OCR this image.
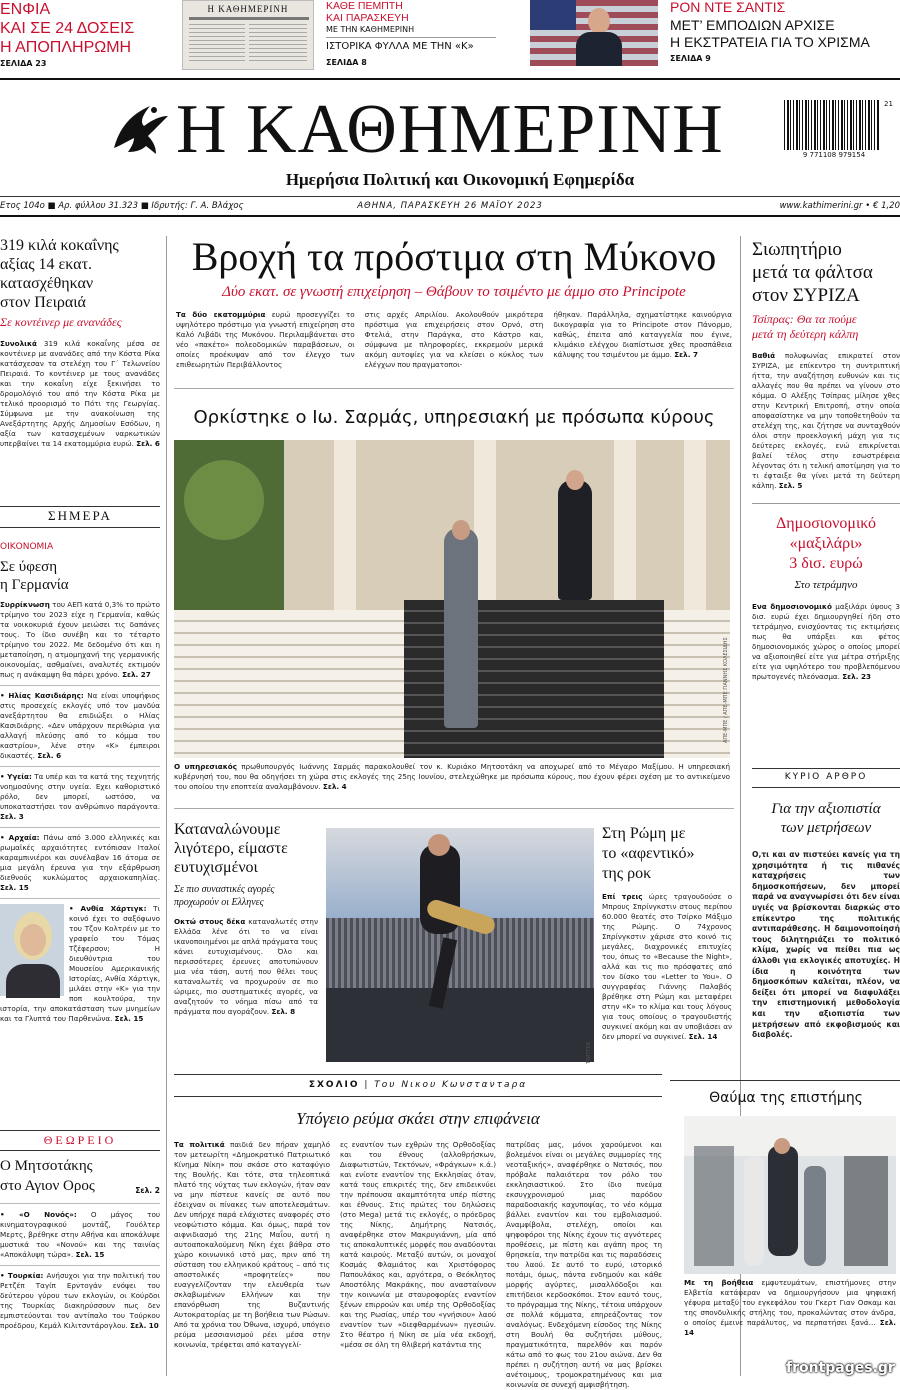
ΕΝΦΙΑ
ΚΑΙ ΣΕ 24 ΔΟΣΕΙΣ
Η ΑΠΟΠΛΗΡΩΜΗ
ΣΕΛΙΔΑ 23
Η ΚΑΘΗΜΕΡΙΝΗ	ΚΑΘΕ ΠΕΜΠΤΗ
ΚΑΙ ΠΑΡΑΣΚΕΥΗ
ΜΕ ΤΗΝ ΚΑΘΗΜΕΡΙΝΗ
ΙΣΤΟΡΙΚΑ ΦΥΛΛΑ ΜΕ ΤΗΝ «Κ»
ΣΕΛΙΔΑ 8
ΡΟΝ ΝΤΕ ΣΑΝΤΙΣ
ΜΕΤ’ ΕΜΠΟΔΙΩΝ ΑΡΧΙΣΕ
Η ΕΚΣΤΡΑΤΕΙΑ ΓΙΑ ΤΟ ΧΡΙΣΜΑ
ΣΕΛΙΔΑ 9
Η ΚΑΘΗΜΕΡΙΝΗ
Ημερήσια Πολιτική και Οικονομική Εφημερίδα
21
9 771108 979154
Ετος 104ο ■ Αρ. φύλλου 31.323 ■ Ιδρυτής: Γ. Α. Βλάχος	ΑΘΗΝΑ, ΠΑΡΑΣΚΕΥΗ 26 ΜΑΪΟΥ 2023	www.kathimerini.gr • € 1,20
319 κιλά κοκαΐνης
αξίας 14 εκατ.
κατασχέθηκαν
στον Πειραιά
Σε κοντέινερ με ανανάδες
Συνολικά 319 κιλά κοκαΐνης μέσα σε κοντέινερ με ανανάδες από την Κόστα Ρίκα κατάσχεσαν τα στελέχη του Γ΄ Τελωνείου Πειραιά. Το κοντέινερ με τους ανανάδες και την κοκαΐνη είχε ξεκινήσει το δρομολόγιό του από την Κόστα Ρίκα με τελικό προορισμό το Πότι της Γεωργίας. Σύμφωνα με την ανακοίνωση της Ανεξάρτητης Αρχής Δημοσίων Εσόδων, η αξία των κατασχεμένων ναρκωτικών υπερβαίνει τα 14 εκατομμύρια ευρώ. Σελ. 6
ΣΗΜΕΡΑ
ΟΙΚΟΝΟΜΙΑ
Σε ύφεση
η Γερμανία
Συρρίκνωση του ΑΕΠ κατά 0,3% το πρώτο τρίμηνο του 2023 είχε η Γερμανία, καθώς τα νοικοκυριά έχουν μειώσει τις δαπάνες τους. Το ίδιο συνέβη και το τέταρτο τρίμηνο του 2022. Με δεδομένο ότι και η μεταποίηση, η ατμομηχανή της γερμανικής οικονομίας, ασθμαίνει, αναλυτές εκτιμούν πως η ανάκαμψη θα πάρει χρόνο. Σελ. 27
• Ηλίας Κασιδιάρης: Να είναι υποψήφιος στις προσεχείς εκλογές υπό τον μανδύα ανεξάρτητου θα επιδιώξει ο Ηλίας Κασιδιάρης. «Δεν υπάρχουν περιθώρια για αλλαγή πλεύσης από το κόμμα του καστρίου», λένε στην «Κ» έμπειροι δικαστές. Σελ. 6
• Υγεία: Τα υπέρ και τα κατά της τεχνητής νοημοσύνης στην υγεία. Εχει καθοριστικό ρόλο, δεν μπορεί, ωστόσο, να υποκαταστήσει τον ανθρώπινο παράγοντα. Σελ. 3
• Αρχαία: Πάνω από 3.000 ελληνικές και ρωμαϊκές αρχαιότητες εντόπισαν Ιταλοί καραμπινιέροι και συνέλαβαν 16 άτομα σε μια μεγάλη έρευνα για την εξάρθρωση διεθνούς κυκλώματος αρχαιοκαπηλίας. Σελ. 15
• Ανθία Χάρτιγκ: Τι κοινό έχει το σαξόφωνο του Τζον Κολτρέιν με το γραφείο του Τόμας Τζέφερσον; Η διευθύντρια του Μουσείου Αμερικανικής Ιστορίας, Ανθία Χάρτιγκ, μιλάει στην «Κ» για την ποπ κουλτούρα, την ιστορία, την αποκατάσταση των μνημείων και τα Γλυπτά του Παρθενώνα. Σελ. 15
ΘΕΩΡΕΙΟ
Ο Μητσοτάκης
στο Αγιον Ορος	Σελ. 2
• «Ο Νονός»: Ο μάγος του κινηματογραφικού μοντάζ, Γουόλτερ Μερτς, βρέθηκε στην Αθήνα και αποκάλυψε μυστικά του «Νονού» και της ταινίας «Αποκάλυψη τώρα». Σελ. 15
• Τουρκία: Ανήσυχοι για την πολιτική του Ρετζέπ Ταγίπ Ερντογάν ενόψει του δεύτερου γύρου των εκλογών, οι Κούρδοι της Τουρκίας διακηρύσσουν πως δεν εμπιστεύονται τον αντίπαλο του Τούρκου προέδρου, Κεμάλ Κιλιτσντάρογλου. Σελ. 10
Βροχή τα πρόστιμα στη Μύκονο
Δύο εκατ. σε γνωστή επιχείρηση – Θάβουν το τσιμέντο με άμμο στο Principote
Τα δύο εκατομμύρια ευρώ προσεγγίζει το υψηλότερο πρόστιμο για γνωστή επιχείρηση στο Καλό Λιβάδι της Μυκόνου. Περιλαμβάνεται στο νέο «πακέτο» πολεοδομικών παραβάσεων, οι οποίες προέκυψαν από τον έλεγχο των επιθεωρητών Περιβάλλοντος
στις αρχές Απριλίου. Ακολουθούν μικρότερα πρόστιμα για επιχειρήσεις στον Ορνό, στη Φτελιά, στην Παράγκα, στο Κάστρο και, σύμφωνα με πληροφορίες, εκκρεμούν μερικά ακόμη αυτοψίες για να κλείσει ο κύκλος των ελέγχων που πραγματοποι-
ήθηκαν. Παράλληλα, σχηματίστηκε καινούργια δικογραφία για το Principote στον Πάνορμο, καθώς, έπειτα από καταγγελία που έγινε, κλιμάκιο ελέγχου διαπίστωσε χθες προσπάθεια κάλυψης του τσιμέντου με άμμο. Σελ. 7
Ορκίστηκε ο Ιω. Σαρμάς, υπηρεσιακή με πρόσωπα κύρους
ΑΠΕ-ΜΠΕ / ΑΠΕ-ΜΠΕ ΓΙΑΝΝΗΣ ΚΟΛΕΣΙΔΗΣ
Ο υπηρεσιακός πρωθυπουργός Ιωάννης Σαρμάς παρακολουθεί τον κ. Κυριάκο Μητσοτάκη να αποχωρεί από το Μέγαρο Μαξίμου. Η υπηρεσιακή κυβέρνησή του, που θα οδηγήσει τη χώρα στις εκλογές της 25ης Ιουνίου, στελεχώθηκε με πρόσωπα κύρους, που έχουν φέρει σχέση με το αντικείμενο του οποίου την εποπτεία αναλαμβάνουν. Σελ. 4
Σιωπητήριο
μετά τα φάλτσα
στον ΣΥΡΙΖΑ
Τσίπρας: Θα τα πούμε
μετά τη δεύτερη κάλπη
Βαθιά πολυφωνίας επικρατεί στον ΣΥΡΙΖΑ, με επίκεντρο τη συντριπτική ήττα, την αναζήτηση ευθυνών και τις αλλαγές που θα πρέπει να γίνουν στο κόμμα. Ο Αλέξης Τσίπρας μίλησε χθες στην Κεντρική Επιτροπή, στην οποία αποφασίστηκε να μην τοποθετηθούν τα στελέχη της, και ζήτησε να συνταχθούν όλοι στην προεκλογική μάχη για τις δεύτερες εκλογές, ενώ επικρίνεται βαλεί τέλος στην εσωστρέφεια λέγοντας ότι η τελική αποτίμηση για το τι έφταιξε θα γίνει μετά τη δεύτερη κάλπη. Σελ. 5
Δημοσιονομικό
«μαξιλάρι»
3 δισ. ευρώ
Στο τετράμηνο
Ενα δημοσιονομικό μαξιλάρι ύψους 3 δισ. ευρώ έχει δημιουργηθεί ήδη στο τετράμηνο, ενισχύοντας τις εκτιμήσεις πως θα υπάρξει και φέτος δημοσιονομικός χώρος ο οποίος μπορεί να αξιοποιηθεί είτε για μέτρα στήριξης είτε για υψηλότερο του προβλεπόμενου πρωτογενές πλεόνασμα. Σελ. 23
ΚΥΡΙΟ ΑΡΘΡΟ
Για την αξιοπιστία
των μετρήσεων
Ο,τι και αν πιστεύει κανείς για τη χρησιμότητα ή τις πιθανές καταχρήσεις των δημοσκοπήσεων, δεν μπορεί παρά να αναγνωρίσει ότι δεν είναι υγιές να βρίσκονται διαρκώς στο επίκεντρο της πολιτικής αντιπαράθεσης. Η δαιμονοποίησή τους διλητηριάζει το πολιτικό κλίμα, χωρίς να πείθει πια ως άλλοθι για εκλογικές αποτυχίες. Η ίδια η κοινότητα των δημοσκόπων καλείται, πλέον, να δείξει ότι μπορεί να διαφυλάξει την επιστημονική μεθοδολογία και την αξιοπιστία των μετρήσεων από εκφοβισμούς και διαβολές.
Θαύμα της επιστήμης
Με τη βοήθεια εμφυτευμάτων, επιστήμονες στην Ελβετία κατάφεραν να δημιουργήσουν μια ψηφιακή γέφυρα μεταξύ του εγκεφάλου του Γκερτ Γιαν Οσκαμ και της σπονδυλικής στήλης του, προκαλώντας στον άνδρα, ο οποίος έμεινε παράλυτος, να περπατήσει ξανά… Σελ. 14
Καταναλώνουμε
λιγότερο, είμαστε
ευτυχισμένοι
Σε πιο συναστικές αγορές
προχωρούν οι Ελληνες
Οκτώ στους δέκα καταναλωτές στην Ελλάδα λένε ότι το να είναι ικανοποιημένοι με απλά πράγματα τους κάνει ευτυχισμένους. Όλο και περισσότερες έρευνες αποτυπώνουν μια νέα τάση, αυτή που θέλει τους καταναλωτές να προχωρούν σε πιο ώριμες, πιο συστηματικές αγορές, να αναζητούν το νόημα πίσω από τα πράγματα που αγοράζουν. Σελ. 8
TWITTER
Στη Ρώμη με
το «αφεντικό»
της ροκ
Επί τρεις ώρες τραγουδούσε ο Μπρους Σπρίνγκστιν στους περίπου 60.000 θεατές στο Τσίρκο Μάξιμο της Ρώμης. Ο 74χρονος Σπρίνγκστιν χάρισε στο κοινό τις μεγάλες, διαχρονικές επιτυχίες του, όπως το «Because the Night», αλλά και τις πιο πρόσφατες από τον δίσκο του «Letter to You». Ο συγγραφέας Γιάννης Παλαβός βρέθηκε στη Ρώμη και μεταφέρει στην «Κ» το κλίμα και τους λόγους για τους οποίους ο τραγουδιστής συγκινεί ακόμη και αν υποβιάσει αν δεν μπορεί να συγκινεί. Σελ. 14
ΣΧΟΛΙΟ | Του Νικου Κωνσταντaρα
Υπόγειο ρεύμα σκάει στην επιφάνεια
Τα πολιτικά παιδιά δεν πήραν χαμηλό τον μετεωρίτη «Δημοκρατικό Πατριωτικό Κίνημα Νίκη» που σκάσε στο καταφύγιο της Βουλής. Και τότε, στα τηλεοπτικά πλατό της νύχτας των εκλογών, ήταν σαν να μην πίστευε κανείς σε αυτό που έδειχναν οι πίνακες των αποτελεσμάτων. Δεν υπήρχε παρά ελάχιστες αναφορές στο νεοφώτιστο κόμμα. Και όμως, παρά τον αιφνιδιασμό της 21ης Μαΐου, αυτή η αυτοαποκαλούμενη Νίκη έχει βάθρα στο χώρο κοινωνικό ιστό μας, πριν από τη σύσταση του ελληνικού κράτους – από τις αποστολικές «προφητείες» που ευαγγελίζονταν την ελευθερία των σκλαβωμένων Ελλήνων και την επανόρθωση της Βυζαντινής Αυτοκρατορίας με τη βοήθεια των Ρώσων. Από τα χρόνια του Όθωνα, ισχυρό, υπόγειο ρεύμα μεσσιανισμού ρέει μέσα στην κοινωνία, τρέφεται από καταγγελί-
ες εναντίον των εχθρών της Ορθοδοξίας και του έθνους (αλλοθρήσκων, Διαφωτιστών, Τεκτόνων, «Φράγκων» κ.ά.) και ενίοτε εναντίον της Εκκλησίας όταν, κατά τους επικριτές της, δεν επιδεικνύει την πρέπουσα ακαμπτότητα υπέρ πίστης και έθνους. Στις πρώτες του δηλώσεις (στο Mega) μετά τις εκλογές, ο πρόεδρος της Νίκης, Δημήτρης Νατσιός, αναφέρθηκε στον Μακρυγιάννη, μία από τις αποκαλυπτικές μορφές που αναδύονται κατά καιρούς. Μεταξύ αυτών, οι μοναχοί Κοσμάς Φλαμιάτος και Χριστόφορος Παπουλάκος και, αργότερα, ο Θεόκλητος Αποστόλης Μακράκης, που ανασταίνουν την κοινωνία με σταυροφορίες εναντίον ξένων επιρροών και υπέρ της Ορθοδοξίας και της Ρωσίας, υπέρ του «γνήσιου» λαού εναντίον των «διεφθαρμένων» ηγεσιών. Στο θέατρο ή Νίκη σε μία νέα εκδοχή, «μέσα σε όλη τη θλιβερή κατάντια της
πατρίδας μας, μόνοι χαρούμενοι και βολεμένοι είναι οι μεγάλες συμμορίες της νεοταξικής», αναφέρθηκε ο Νατσιός, που πρόβαλε παλαιότερα τον ρόλο του εκκλησιαστικού. Στο ίδιο πνεύμα εκσυγχρονισμού μιας παρόδου παραδοσιακής καχυποψίας, το νέο κόμμα βάλλει εναντίον και του εμβολιασμού. Αναμφίβολα, στελέχη, οποίοι και ψηφοφόροι της Νίκης έχουν τις αγνότερες προθέσεις, με πίστη και αγάπη προς τη θρησκεία, την πατρίδα και τις παραδόσεις του λαού. Σε αυτό το ευρύ, ιστορικό ποτάμι, όμως, πάντα ενδημούν και κάθε μορφής αγύρτες, μισαλλόδοξοι και επιτήδειοι κερδοσκόποι. Στον εαυτό τους, το πρόγραμμα της Νίκης, τέτοια υπάρχουν σε πολλά κόμματα, επηρεάζοντας τον αναλόγως. Ενδεχόμενη είσοδος της Νίκης στη Βουλή θα συζητήσει μύθους, πραγματικότητα, παρελθόν και παρόν κάτω από το φως του 21ου αιώνα. Δεν θα πρέπει η συζήτηση αυτή να μας βρίσκει ανέτοιμους, τρομοκρατημένους και μια κοινωνία σε συνεχή αμφισβήτηση.
frontpages.gr
